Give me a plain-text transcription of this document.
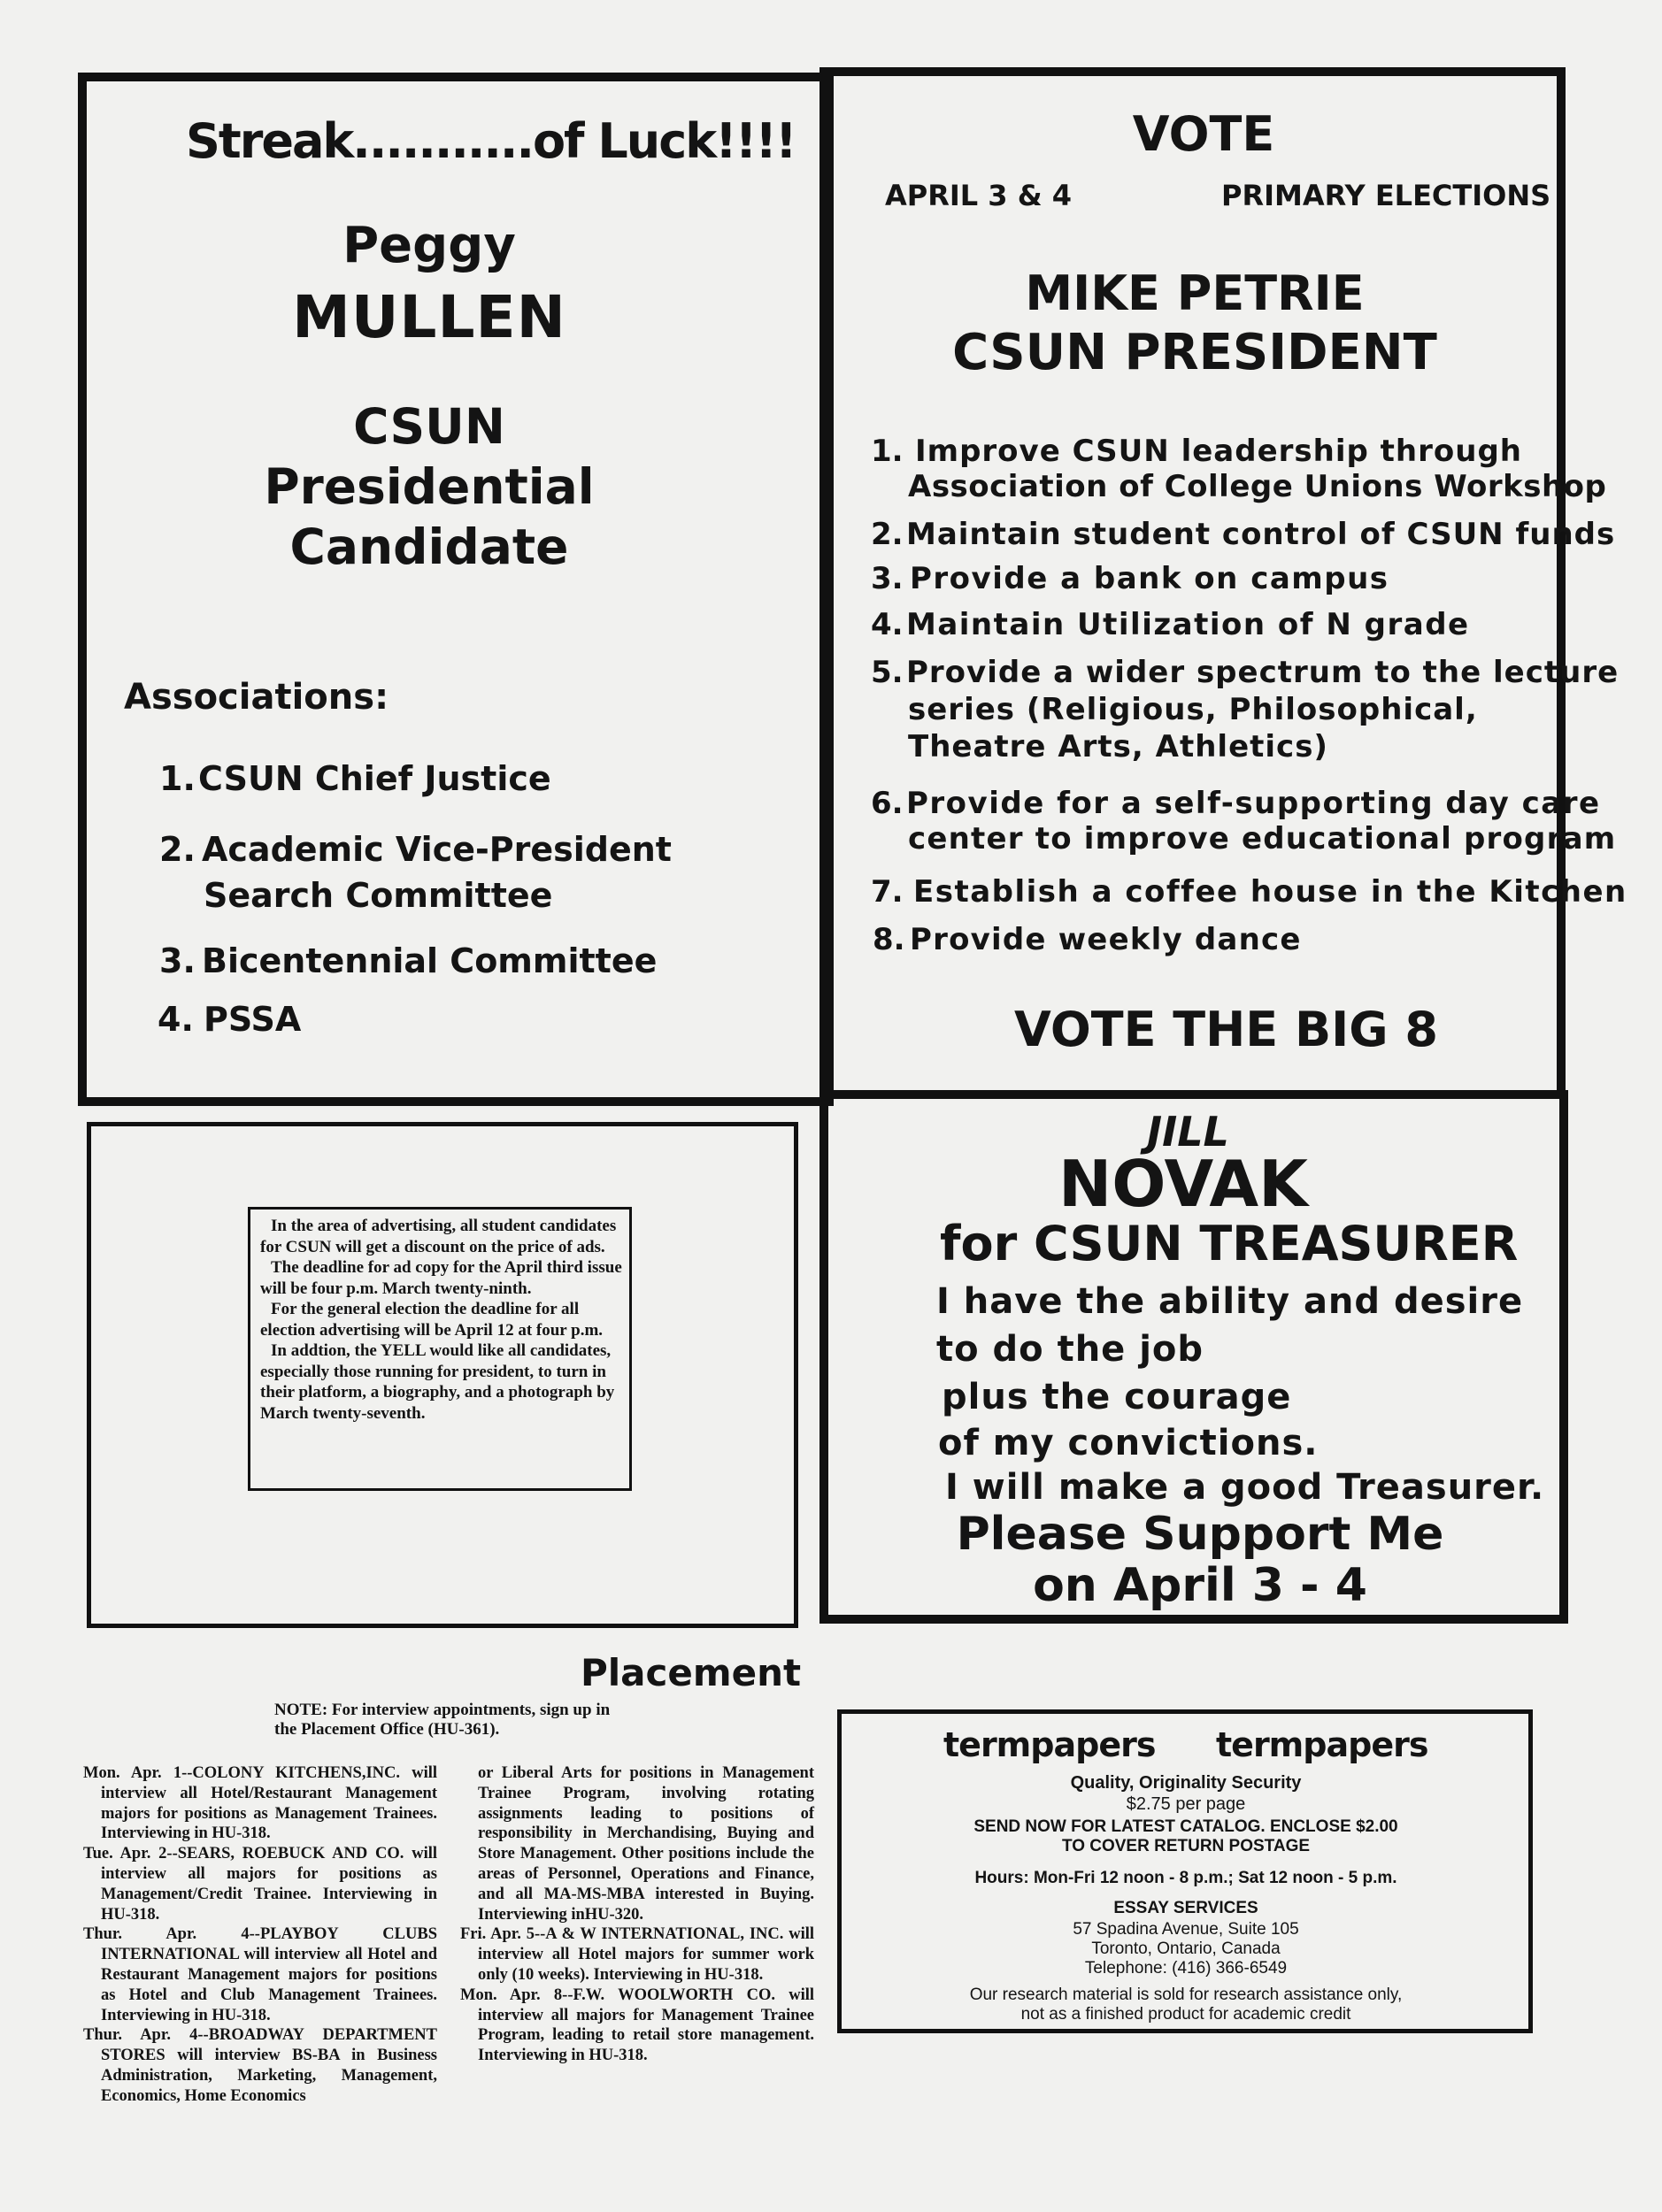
Streak...........of Luck!!!!
Peggy
MULLEN
CSUN
Presidential
Candidate
Associations:
1. CSUN Chief Justice
2. Academic Vice-President
Search Committee
3. Bicentennial Committee
4. PSSA
VOTE
APRIL 3 & 4	PRIMARY ELECTIONS
MIKE PETRIE
CSUN PRESIDENT
1. Improve CSUN leadership through
Association of College Unions Workshop
2. Maintain student control of CSUN funds
3. Provide a bank on campus
4. Maintain Utilization of N grade
5. Provide a wider spectrum to the lecture
series (Religious, Philosophical,
Theatre Arts, Athletics)
6. Provide for a self-supporting day care
center to improve educational program
7. Establish a coffee house in the Kitchen
8. Provide weekly dance
VOTE THE BIG 8

In the area of advertising, all student candidates for CSUN will get a discount on the price of ads.

The deadline for ad copy for the April third issue will be four p.m. March twenty-ninth.

For the general election the deadline for all election advertising will be April 12 at four p.m.

In addtion, the YELL would like all candidates, especially those running for president, to turn in their platform, a biography, and a photograph by March twenty-seventh.

JILL
NOVAK
for CSUN TREASURER
I have the ability and desire
to do the job
plus the courage
of my convictions.
I will make a good Treasurer.
Please Support Me
on April 3 - 4
Placement
NOTE: For interview appointments, sign up in the Placement Office (HU-361).

Mon. Apr. 1--COLONY KITCHENS,INC. will interview all Hotel/Restaurant Management majors for positions as Management Trainees. Interviewing in HU-318.

Tue. Apr. 2--SEARS, ROEBUCK AND CO. will interview all majors for positions as Management/Credit Trainee. Interviewing in HU-318.

Thur. Apr. 4--PLAYBOY CLUBS INTERNATIONAL will interview all Hotel and Restaurant Management majors for positions as Hotel and Club Management Trainees. Interviewing in HU-318.

Thur. Apr. 4--BROADWAY DEPARTMENT STORES will interview BS-BA in Business Administration, Marketing, Management, Economics, Home Economics

or Liberal Arts for positions in Management Trainee Program, involving rotating assignments leading to positions of responsibility in Merchandising, Buying and Store Management. Other positions include the areas of Personnel, Operations and Finance, and all MA-MS-MBA interested in Buying. Interviewing inHU-320.

Fri. Apr. 5--A & W INTERNATIONAL, INC. will interview all Hotel majors for summer work only (10 weeks). Interviewing in HU-318.

Mon. Apr. 8--F.W. WOOLWORTH CO. will interview all majors for Management Trainee Program, leading to retail store management. Interviewing in HU-318.

termpapers termpapers
Quality, Originality Security
$2.75 per page
SEND NOW FOR LATEST CATALOG. ENCLOSE $2.00
TO COVER RETURN POSTAGE
Hours: Mon-Fri 12 noon - 8 p.m.; Sat 12 noon - 5 p.m.
ESSAY SERVICES
57 Spadina Avenue, Suite 105
Toronto, Ontario, Canada
Telephone: (416) 366-6549
Our research material is sold for research assistance only,
not as a finished product for academic credit
